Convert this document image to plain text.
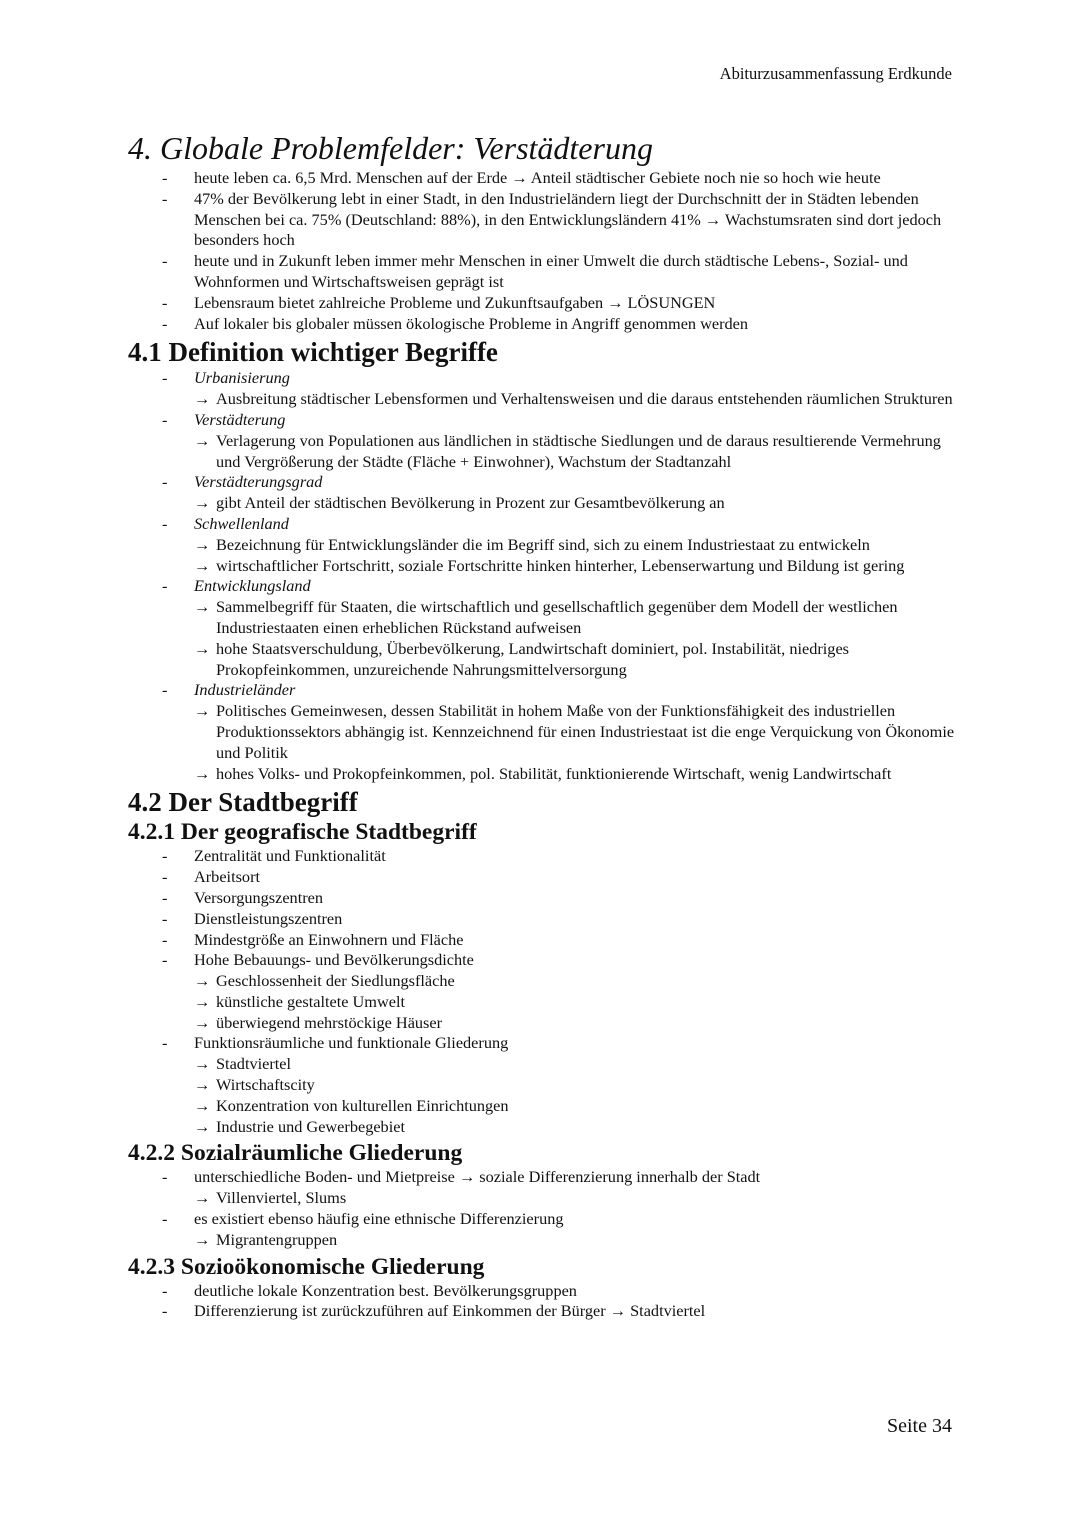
Abiturzusammenfassung Erdkunde
4. Globale Problemfelder: Verstädterung
- heute leben ca. 6,5 Mrd. Menschen auf der Erde → Anteil städtischer Gebiete noch nie so hoch wie heute
- 47% der Bevölkerung lebt in einer Stadt, in den Industrieländern liegt der Durchschnitt der in Städten lebenden Menschen bei ca. 75% (Deutschland: 88%), in den Entwicklungsländern 41% → Wachstumsraten sind dort jedoch besonders hoch
- heute und in Zukunft leben immer mehr Menschen in einer Umwelt die durch städtische Lebens-, Sozial- und Wohnformen und Wirtschaftsweisen geprägt ist
- Lebensraum bietet zahlreiche Probleme und Zukunftsaufgaben → LÖSUNGEN
- Auf lokaler bis globaler müssen ökologische Probleme in Angriff genommen werden
4.1 Definition wichtiger Begriffe
- Urbanisierung
→ Ausbreitung städtischer Lebensformen und Verhaltensweisen und die daraus entstehenden räumlichen Strukturen
- Verstädterung
→ Verlagerung von Populationen aus ländlichen in städtische Siedlungen und de daraus resultierende Vermehrung und Vergrößerung der Städte (Fläche + Einwohner), Wachstum der Stadtanzahl
- Verstädterungsgrad
→ gibt Anteil der städtischen Bevölkerung in Prozent zur Gesamtbevölkerung an
- Schwellenland
→ Bezeichnung für Entwicklungsländer die im Begriff sind, sich zu einem Industriestaat zu entwickeln
→ wirtschaftlicher Fortschritt, soziale Fortschritte hinken hinterher, Lebenserwartung und Bildung ist gering
- Entwicklungsland
→ Sammelbegriff für Staaten, die wirtschaftlich und gesellschaftlich gegenüber dem Modell der westlichen Industriestaaten einen erheblichen Rückstand aufweisen
→ hohe Staatsverschuldung, Überbevölkerung, Landwirtschaft dominiert, pol. Instabilität, niedriges Prokopfeinkommen, unzureichende Nahrungsmittelversorgung
- Industrieländer
→ Politisches Gemeinwesen, dessen Stabilität in hohem Maße von der Funktionsfähigkeit des industriellen Produktionssektors abhängig ist. Kennzeichnend für einen Industriestaat ist die enge Verquickung von Ökonomie und Politik
→ hohes Volks- und Prokopfeinkommen, pol. Stabilität, funktionierende Wirtschaft, wenig Landwirtschaft
4.2 Der Stadtbegriff
4.2.1 Der geografische Stadtbegriff
- Zentralität und Funktionalität
- Arbeitsort
- Versorgungszentren
- Dienstleistungszentren
- Mindestgröße an Einwohnern und Fläche
- Hohe Bebauungs- und Bevölkerungsdichte
→ Geschlossenheit der Siedlungsfläche
→ künstliche gestaltete Umwelt
→ überwiegend mehrstöckige Häuser
- Funktionsräumliche und funktionale Gliederung
→ Stadtviertel
→ Wirtschaftscity
→ Konzentration von kulturellen Einrichtungen
→ Industrie und Gewerbegebiet
4.2.2 Sozialräumliche Gliederung
- unterschiedliche Boden- und Mietpreise → soziale Differenzierung innerhalb der Stadt
→ Villenviertel, Slums
- es existiert ebenso häufig eine ethnische Differenzierung
→ Migrantengruppen
4.2.3 Sozioökonomische Gliederung
- deutliche lokale Konzentration best. Bevölkerungsgruppen
- Differenzierung ist zurückzuführen auf Einkommen der Bürger → Stadtviertel
Seite 34
